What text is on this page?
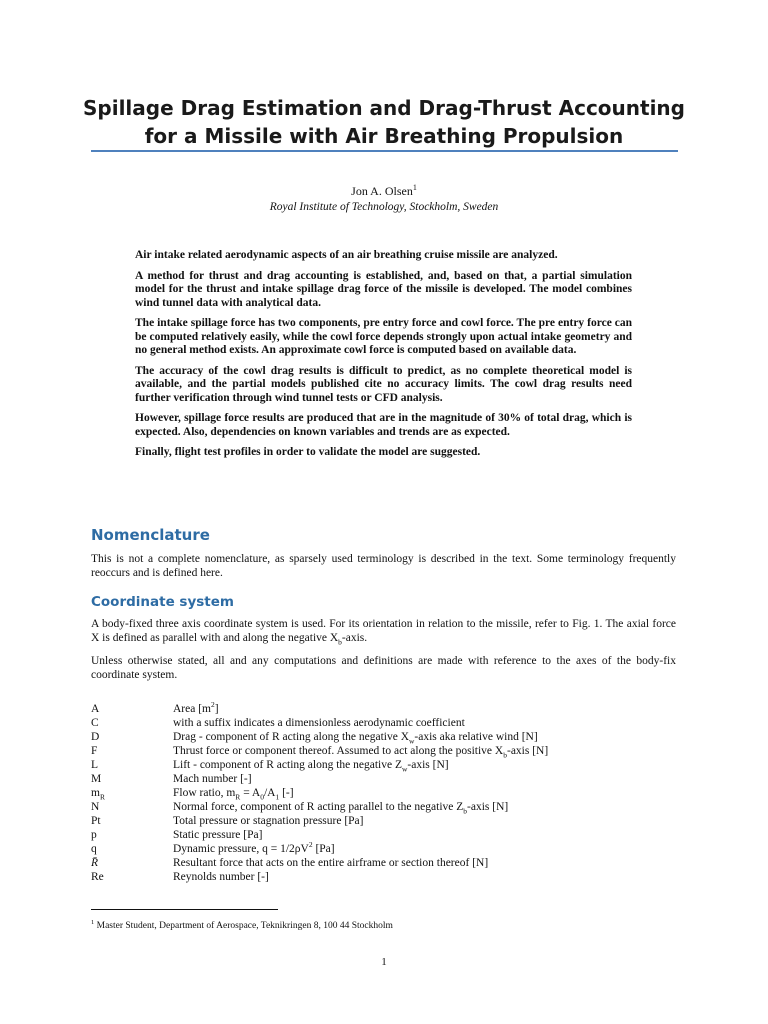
Spillage Drag Estimation and Drag-Thrust Accounting
for a Missile with Air Breathing Propulsion
Jon A. Olsen$^1$
Royal Institute of Technology, Stockholm, Sweden

Air intake related aerodynamic aspects of an air breathing cruise missile are analyzed.

A method for thrust and drag accounting is established, and, based on that, a partial simulation model for the thrust and intake spillage drag force of the missile is developed. The model combines wind tunnel data with analytical data.

The intake spillage force has two components, pre entry force and cowl force. The pre entry force can be computed relatively easily, while the cowl force depends strongly upon actual intake geometry and no general method exists. An approximate cowl force is computed based on available data.

The accuracy of the cowl drag results is difficult to predict, as no complete theoretical model is available, and the partial models published cite no accuracy limits. The cowl drag results need further verification through wind tunnel tests or CFD analysis.

However, spillage force results are produced that are in the magnitude of 30% of total drag, which is expected. Also, dependencies on known variables and trends are as expected.

Finally, flight test profiles in order to validate the model are suggested.

Nomenclature

This is not a complete nomenclature, as sparsely used terminology is described in the text. Some terminology frequently reoccurs and is defined here.

Coordinate system

A body-fixed three axis coordinate system is used. For its orientation in relation to the missile, refer to Fig. 1. The axial force X is defined as parallel with and along the negative $X_b$-axis.

Unless otherwise stated, all and any computations and definitions are made with reference to the axes of the body-fix coordinate system.

A	Area $[m^2]$
C	with a suffix indicates a dimensionless aerodynamic coefficient
D	Drag - component of R acting along the negative $X_w$-axis aka relative wind [N]
F	Thrust force or component thereof. Assumed to act along the positive $X_b$-axis [N]
L	Lift - component of R acting along the negative $Z_w$-axis [N]
M	Mach number [-]
$m_R$	Flow ratio, $m_R = A_0/A_1$ [-]
N	Normal force, component of R acting parallel to the negative $Z_b$-axis [N]
Pt	Total pressure or stagnation pressure [Pa]
p	Static pressure [Pa]
q	Dynamic pressure, $q = 1/2\rho V^2$ [Pa]
R̄	Resultant force that acts on the entire airframe or section thereof [N]
Re	Reynolds number [-]
$^1$ Master Student, Department of Aerospace, Teknikringen 8, 100 44 Stockholm
1
